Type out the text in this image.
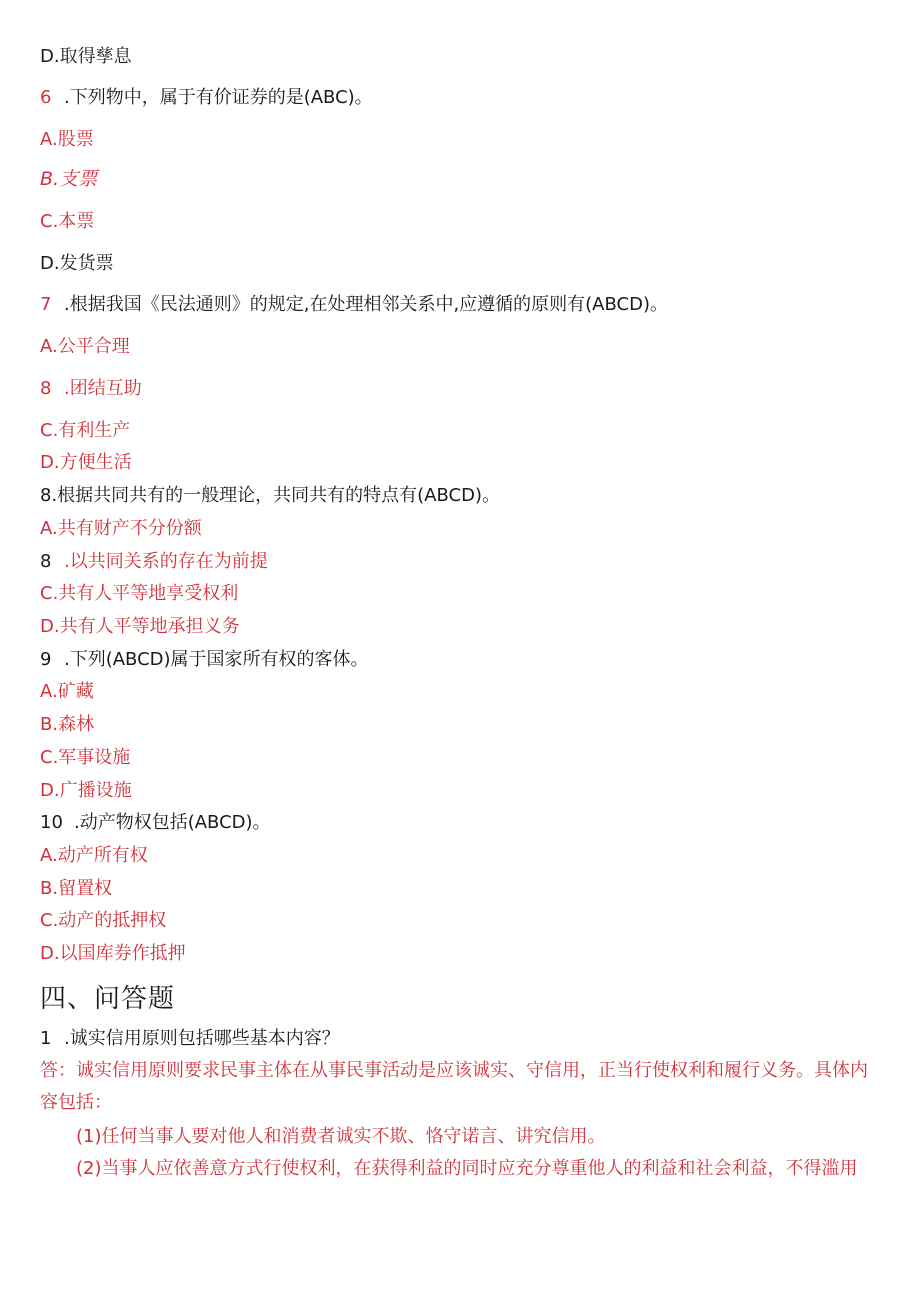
D.取得孳息
6 .下列物中，属于有价证券的是(ABC)。
A.股票
B.支票
C.本票
D.发货票
7 .根据我国《民法通则》的规定,在处理相邻关系中,应遵循的原则有(ABCD)。
A.公平合理
8 .团结互助
C.有利生产
D.方便生活
8.根据共同共有的一般理论，共同共有的特点有(ABCD)。
A.共有财产不分份额
8 .以共同关系的存在为前提
C.共有人平等地享受权利
D.共有人平等地承担义务
9 .下列(ABCD)属于国家所有权的客体。
A.矿藏
B.森林
C.军事设施
D.广播设施
10 .动产物权包括(ABCD)。
A.动产所有权
B.留置权
C.动产的抵押权
D.以国库券作抵押
四、问答题
1 .诚实信用原则包括哪些基本内容？
答：诚实信用原则要求民事主体在从事民事活动是应该诚实、守信用，正当行使权利和履行义务。具体内容包括：
(1)任何当事人要对他人和消费者诚实不欺、恪守诺言、讲究信用。
(2)当事人应依善意方式行使权利，在获得利益的同时应充分尊重他人的利益和社会利益，不得滥用
